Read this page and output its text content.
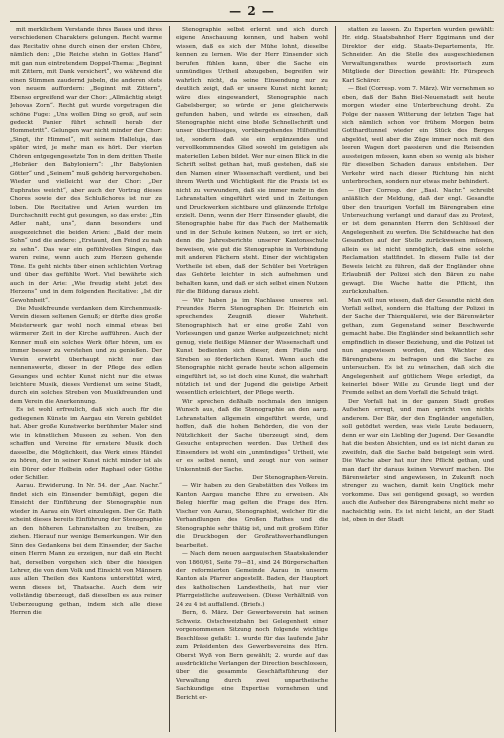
— 2 —

mit merklichem Verstande ihres Baues und ihres verschiedenen Charakters gelungen. Recht warme das Recitativ ohne durch einen der ersten Chöre, nämlich den: „Die Reiche stehn in Gottes Hand“ mit gan nun eintretendem Doppel-Thema: „Beginnt mit Zittern, mit Dank versichert“, wo während die einen Stimmen zaudernd jubeln, die anderen stets von neuem auffordern: „Beginnt mit Zittern“, Ebenso ergreifend war der Chor: „Allmächtig steigt Jehovas Zorn“. Recht gut wurde vorgetragen die schöne Fuge: „Uns wollen Ding so groß, auf sein gedeckt Panier führt schnell herab der Hommetritt“. Gelungen war nicht minder der Chor: „Singt, ihr Himmel“, mit seinem Halleluja, das später wird, je mehr man es hört. Der vierten Chören entgegengesetzte Ton in dem dritten Theile „Hebräer den Babyloniern“: „Ihr Babylonien Götter“ und „Seinem“ muß gehörig hervorgehoben. Wieder und vielleicht war der Chor: „Der Euphrates weicht“, aber auch der Vortrag dieses Chores sowie der des Schlußchores ist nur zu loben. Die Recitative und Arien wurden im Durchschnitt recht gut gesungen, so das erste: „Ein Adler naht, uns“, dann besonders und ausgezeichnet die beiden Arien: „Bald der mein Sohn“ und die andere: „Erstaunt, den Feind zu nah zu sehn“. Das war ein gefühlvolles Singen, das waren reine, wenn auch zum Herzen gehende Töne. Es geht nichts über einen schlichten Vortrag und über das gefühlte Wort. Viel bewährte sich auch in der Arie: „Wie freudig steht jetzt des Herzens“ und in dem folgenden Recitative: „Ist dir Gewohnheit“.

Die Musikfreunde verdanken dem Kirchenmusik-Verein diesen seltenen Genuß; er dürfte dies große Meisterwerk gar wohl noch einmal etwas bei wärmerer Zeit in der Kirche aufführen. Auch der Kenner muß ein solches Werk öfter hören, um es immer besser zu verstehen und zu genießen. Der Verein erwirbt überhaupt nicht nur das nennenswerte, dieser in der Pflege des edlen Gesanges und echter Kunst nicht nur die etwas leichtere Musik, dieses Verdienst um seine Stadt, durch ein solches Streben von Musikfreunden und dem Verein die Anerkennung.

Es ist wohl erfreulich, daß sich auch für die gediegenen Künste im Aargau ein Verein gebildet hat. Aber große Kunstwerke berühmter Maler sind wie in künstlichen Museen zu sehen. Von den schaffen und Vereine für ernstere Musik doch dasselbe, die Möglichkeit, das Werk eines Händel zu hören, der in seiner Kunst nicht minder ist als ein Dürer oder Holbein oder Raphael oder Göthe oder Schiller.

Aarau. Erwiderung. In Nr. 54. der „Aar. Nachr.“ findet sich ein Einsender bemüßigt, gegen die Einsicht der Einführung der Stenographie nun wieder in Aarau ein Wort einzulegen. Der Gr. Rath scheint dieses bereits Einführung der Stenographie an den höheren Lehranstalten zu treiben, zu ziehen. Hierauf nur wenige Bemerkungen. Wir den Sinn des Gedankens bei dem Einsender, der Sache einen Herrn Mann zu erzeigen, nur daß ein Recht hat, derselben vorgehen sich über die hiesigen Lehrer, die von dem Volk und Einsicht von Männern aus allen Theilen des Kantons unterstützt wird, wenn dieses ist, Thatsache. Auch dem wir vollständig überzeugt, daß dieselben es aus reiner Ueberzeugung gethan, indem sich alle diese Herren die

Stenographie selbst erlernt und sich durch eigene Anschauung kennen, und haben wohl wissen, daß es sich der Mühe lohnt, dieselbe kennen zu lernen. Wie der Herr Einsender sich berufen fühlen kann, über die Sache ein unmündiges Urtheil abzugeben, begreifen wir wahrlich nicht, da seine Einsendung nur zu deutlich zeigt, daß er unsere Kunst nicht kennt; wäre dies eingewandert, Stenographie nach Gabelsberger, so würde er jene gleicherweis gefunden haben, und würde es einsehen, daß Stenographie nicht eine bloße Schnellschrift und unser überflüssiges, vorübergehendes Hilfsmittel ist, sondern daß sie ein ergänzendes und vervollkommnendes Glied sowohl im geistigen als materiellen Leben bildet. Wer nur einen Blick in die Schrift selbst gethan hat, muß gestehen, daß sie den Namen einer Wissenschaft verdient, und bei ihrem Werth und Wichtigkeit für die Praxis ist es nicht zu verwundern, daß sie immer mehr in den Lehranstalten eingeführt wird und in Zeitungen und Druckwerken sichtbare und glänzende Erfolge erzielt. Denn, wenn der Herr Einsender glaubt, die Stenographie habe für das Fach der Mathematik und in der Schule keinen Nutzen, so irrt er sich, denn die Jahresberichte unserer Kantonsschule beweisen, wie gut die Stenographie in Verbindung mit anderen Fächern steht. Einer der wichtigsten Vortheile ist eben, daß der Schüler bei Vorträgen das Gehörte leichter in sich aufnehmen und behalten kann, und daß er sich selbst einen Nutzen für die Bildung daraus zieht.

— Wir haben ja im Nachlasse unseres sel. Freundes Herrn Stenographen Dr. Heinrich ein sprechendes Zeugniß dieser Wahrheit. Stenographisch hat er eine große Zahl von Vorlesungen und ganze Werke aufgezeichnet; nicht genug, viele fleißige Männer der Wissenschaft und Kunst bedienten sich dieser, dem Fleiße und Streben so förderlichen Kunst. Wenn auch die Stenographie nicht gerade heute schon allgemein eingeführt ist, so ist doch eine Kunst, die wahrhaft nützlich ist und der Jugend die geistige Arbeit wesentlich erleichtert, der Pflege werth.

Wir sprechen deßhalb nochmals den innigen Wunsch aus, daß die Stenographie an den aarg. Lehranstalten allgemein eingeführt werde, und hoffen, daß die hohen Behörden, die von der Nützlichkeit der Sache überzeugt sind, dem Gesuche entsprechen werden. Das Urtheil des Einsenders ist wohl ein „unmündiges“ Urtheil, wie er es selbst nennt, und zeugt nur von seiner Unkenntniß der Sache.

Der Stenographen-Verein.

— Wir haben zu den Grabstätten des Volkes im Kanton Aargau manche Ehre zu erweisen. Als Beleg hierfür mag gelten die Frage des Hrn. Vischer von Aarau, Stenographist, welcher für die Verhandlungen des Großen Rathes und die Stenographie sehr thätig ist, und mit großem Eifer die Druckbogen der Großrathsverhandlungen bearbeitet.

— Nach dem neuen aargauischen Staatskalender von 1860/61, Seite 79—81, sind 24 Bürgerschaften der reformierten Gemeinde Aarau in unserm Kanton als Pfarrer angestellt. Baden, der Hauptort des katholischen Landestheils, hat nur vier Pfarrgeistliche aufzuweisen. (Diese Verhältniß von 24 zu 4 ist auffallend. (Briefs.)

Bern, 6. März. Der Gewerbsverein hat seinen Schweiz. Ostschweizbahn bei Gelegenheit einer vorgenommenen Sitzung noch folgende wichtige Beschlüsse gefaßt: 1. wurde für das laufende Jahr zum Präsidenten des Gewerbsvereins des Hrn. Oberst Wyß von Bern gewählt; 2. wurde auf das ausdrückliche Verlangen der Direction beschlossen, über die gesammte Geschäftsführung der Verwaltung durch zwei unpartheiische Sachkundige eine Expertise vornehmen und Bericht er-

statten zu lassen. Zu Experten wurden gewählt: Hr. eidg. Staatsbahnhof Herr Eggimann und der Direktor der eidg. Staats-Departements, Hr. Schneider. An die Stelle des ausgeschiedenen Verwaltungsrathes wurde provisorisch zum Mitgliede der Direction gewählt: Hr. Fürsprech Karl Schärer.

— Biel (Corresp. vom 7. März). Wir vernehmen so eben, daß der Bahn Biel-Neuenstadt seit heute morgen wieder eine Unterbrechung droht. Zu Folge der nassen Witterung der letzten Tage hat sich nämlich schon vor frühem Morgen beim Gotthardtunnel wieder ein Stück des Berges abgelöst, weil aber die Züge immer noch mit den leeren Wagen dort passieren und die Reisenden aussteigen müssen, kann eben so wenig als bisher für dieselben Schaden daraus entstehen. Der Verkehr wird nach dieser Richtung hin nicht unterbrochen, sondern nur etwas mehr behindert.

— (Der Corresp. der „Basl. Nachr.“ schreibt anläßlich der Meldung, daß der engl. Gesandte über den traurigen Vorfall im Bärengraben eine Untersuchung verlangt und darauf das zu Protest, er ist dem genannten Herrn den Schlüssel der Angelegenheit zu werfen. Die Schildwache hat den Gesandten auf der Stelle zurückweisen müssen, allein es ist nicht unmöglich, daß eine solche Reclamation stattfindet. In diesem Falle ist der Beweis leicht zu führen, daß der Engländer ohne Erlaubniß der Polizei sich den Bären zu nahe gewagt. Die Wache hatte die Pflicht, ihn zurückzuhalten.

Man will nun wissen, daß der Gesandte nicht den Vorfall selbst, sondern die Haltung der Polizei in der Sache der Thierquälerei, wie der Bärenwärter gethan, zum Gegenstand seiner Beschwerde gemacht habe. Die Engländer sind bekanntlich sehr empfindlich in dieser Beziehung, und die Polizei ist nun angewiesen worden, den Wächter des Bärengrabens zu befragen und die Sache zu untersuchen. Es ist zu wünschen, daß sich die Angelegenheit auf gütlichem Wege erledigt, da keinerlei böser Wille zu Grunde liegt und der Fremde selbst an dem Vorfall die Schuld trägt.

Der Vorfall hat in der ganzen Stadt großes Aufsehen erregt, und man spricht von nichts anderem. Der Bär, der den Engländer angefallen, soll getödtet werden, was viele Leute bedauern, denn er war ein Liebling der Jugend. Der Gesandte hat die besten Absichten, und es ist nicht daran zu zweifeln, daß die Sache bald beigelegt sein wird. Die Wache aber hat nur ihre Pflicht gethan, und man darf ihr daraus keinen Vorwurf machen. Die Bärenwärter sind angewiesen, in Zukunft noch strenger zu wachen, damit kein Unglück mehr vorkomme. Das sei genügend gesagt, so werden auch die Aufseher des Bärengrabens nicht mehr so nachsichtig sein. Es ist nicht leicht, an der Stadt ist, oben in der Stadt
